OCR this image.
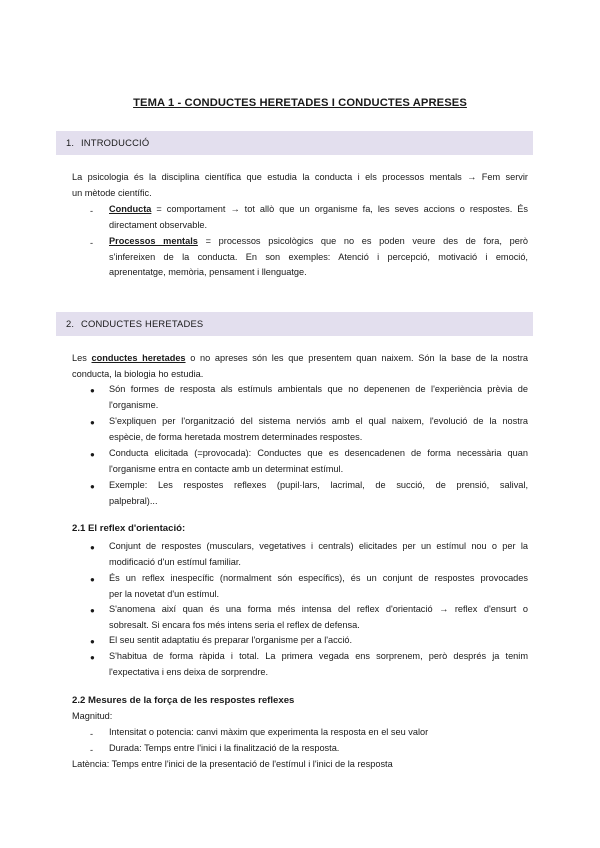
TEMA 1 - CONDUCTES HERETADES I CONDUCTES APRESES
1. INTRODUCCIÓ
La psicologia és la disciplina científica que estudia la conducta i els processos mentals → Fem servir
un mètode científic.
- Conducta = comportament → tot allò que un organisme fa, les seves accions o respostes. És
directament observable.
- Processos mentals = processos psicològics que no es poden veure des de fora, però
s'infereixen de la conducta. En son exemples: Atenció i percepció, motivació i emoció,
aprenentatge, memòria, pensament i llenguatge.
2. CONDUCTES HERETADES
Les conductes heretades o no apreses són les que presentem quan naixem. Són la base de la nostra
conducta, la biologia ho estudia.
● Són formes de resposta als estímuls ambientals que no depenenen de l'experiència prèvia de
l'organisme.
● S'expliquen per l'organització del sistema nerviós amb el qual naixem, l'evolució de la nostra
espècie, de forma heretada mostrem determinades respostes.
● Conducta elicitada (=provocada): Conductes que es desencadenen de forma necessària quan
l'organisme entra en contacte amb un determinat estímul.
● Exemple: Les respostes reflexes (pupil·lars, lacrimal, de succió, de prensió, salival,
palpebral)...
2.1 El reflex d'orientació:
● Conjunt de respostes (musculars, vegetatives i centrals) elicitades per un estímul nou o per la
modificació d'un estímul familiar.
● És un reflex inespecífic (normalment són específics), és un conjunt de respostes provocades
per la novetat d'un estímul.
● S'anomena així quan és una forma més intensa del reflex d'orientació → reflex d'ensurt o
sobresalt. Si encara fos més intens seria el reflex de defensa.
● El seu sentit adaptatiu és preparar l'organisme per a l'acció.
● S'habitua de forma ràpida i total. La primera vegada ens sorprenem, però després ja tenim
l'expectativa i ens deixa de sorprendre.
2.2 Mesures de la força de les respostes reflexes
Magnitud:
- Intensitat o potencia: canvi màxim que experimenta la resposta en el seu valor
- Durada: Temps entre l'inici i la finalització de la resposta.
Latència: Temps entre l'inici de la presentació de l'estímul i l'inici de la resposta
